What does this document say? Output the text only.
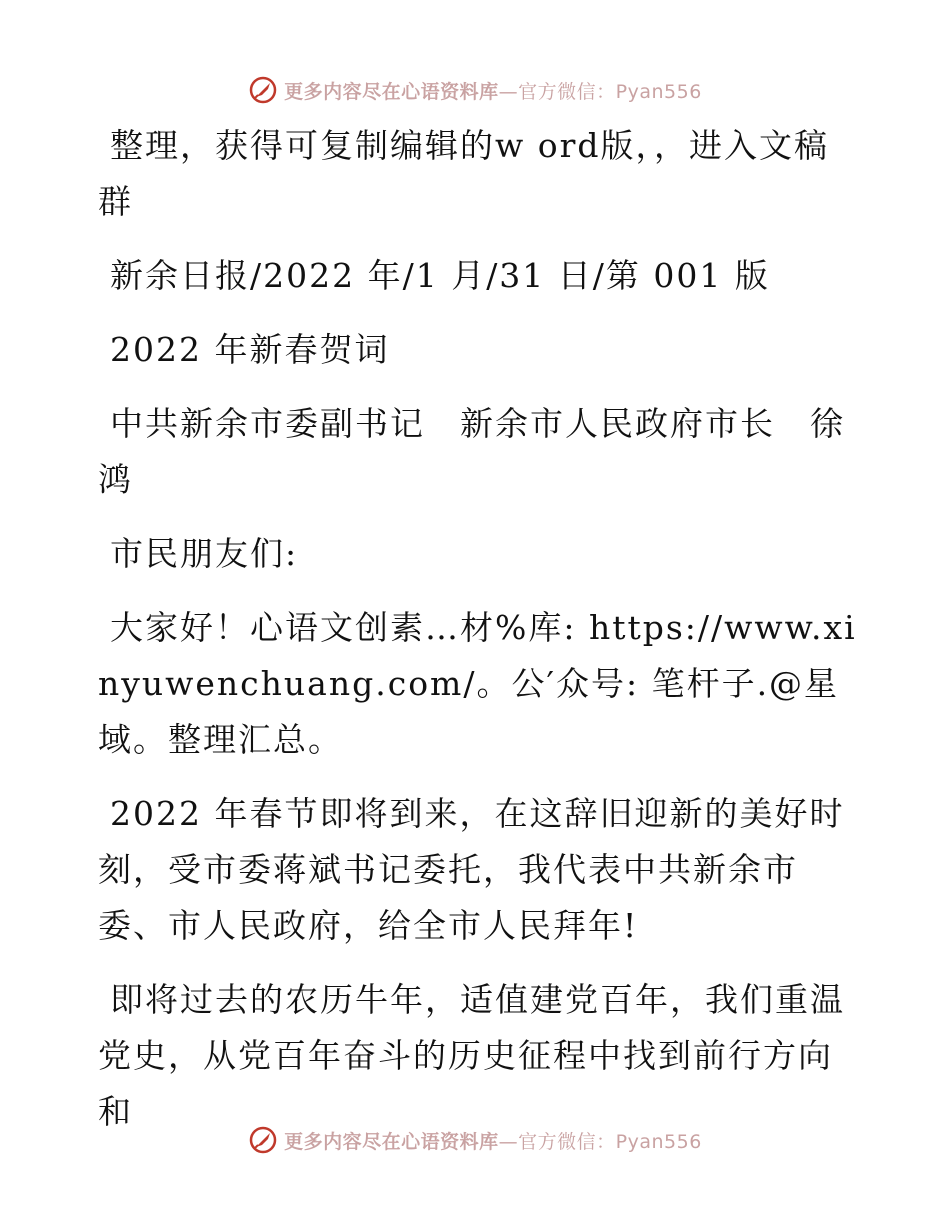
更多内容尽在心语资料库—官方微信：Pyan556

整理，获得可复制编辑的w ord版，，进入文稿群

新余日报/2022 年/1 月/31 日/第 001 版

2022 年新春贺词

中共新余市委副书记　新余市人民政府市长　徐鸿

市民朋友们:

大家好！心语文创素…材%库: https://www.xinyuwenchuang.com/。公′众号: 笔杆子.@星域。整理汇总。

2022 年春节即将到来，在这辞旧迎新的美好时刻，受市委蒋斌书记委托，我代表中共新余市委、市人民政府，给全市人民拜年!

即将过去的农历牛年，适值建党百年，我们重温党史，从党百年奋斗的历史征程中找到前行方向和

更多内容尽在心语资料库—官方微信：Pyan556
